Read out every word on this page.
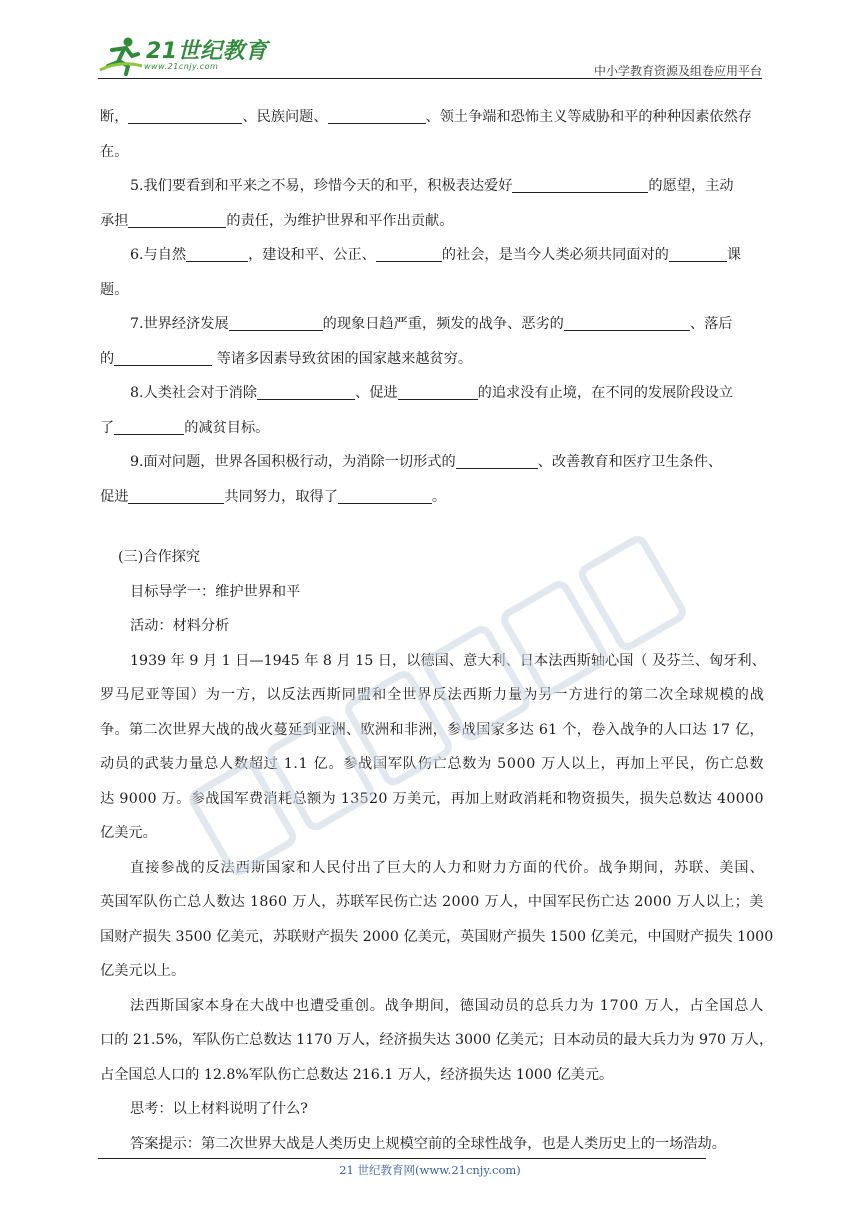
21世纪教育
www.21cnjy.com	中小学教育资源及组卷应用平台
断，	、民族问题、	、领土争端和恐怖主义等威胁和平的种种因素依然存
在。
5.我们要看到和平来之不易，珍惜今天的和平，积极表达爱好	的愿望，主动
承担	的责任，为维护世界和平作出贡献。
6.与自然	，建设和平、公正、	的社会，是当今人类必须共同面对的	课
题。
7.世界经济发展	的现象日趋严重，频发的战争、恶劣的	、落后
的	等诸多因素导致贫困的国家越来越贫穷。
8.人类社会对于消除	、促进	的追求没有止境，在不同的发展阶段设立
了	的减贫目标。
9.面对问题，世界各国积极行动，为消除一切形式的	、改善教育和医疗卫生条件、
促进	共同努力，取得了	。
(三)合作探究
目标导学一：维护世界和平
活动：材料分析
1 9 3 9
年
9
月
1
日 — 1 9 4 5
年
8
月
1 5
日 ， 以 德 国 、 意 大 利 、 日 本 法 西 斯 轴 心 国 （
及 芬 兰 、 匈 牙 利 、
罗 马 尼 亚 等 国 ） 为 一 方 ， 以 反 法 西 斯 同 盟 和 全 世 界 反 法 西 斯 力 量 为 另 一 方 进 行 的 第 二 次 全 球 规 模 的 战
争 。 第 二 次 世 界 大 战 的 战 火 蔓 延 到 亚 洲 、 欧 洲 和 非 洲 ， 参 战 国 家 多 达
6 1
个 ， 卷 入 战 争 的 人 口 达
1 7
亿 ，
动 员 的 武 装 力 量 总 人 数 超 过
1 . 1
亿 。 参 战 国 军 队 伤 亡 总 数 为
5 0 0 0
万 人 以 上 ， 再 加 上 平 民 ， 伤 亡 总 数
达
9 0 0 0
万 。 参 战 国 军 费 消 耗 总 额 为
1 3 5 2 0
万 美 元 ， 再 加 上 财 政 消 耗 和 物 资 损 失 ， 损 失 总 数 达
4 0 0 0 0
亿美元。
直 接 参 战 的 反 法 西 斯 国 家 和 人 民 付 出 了 巨 大 的 人 力 和 财 力 方 面 的 代 价 。 战 争 期 间 ， 苏 联 、 美 国 、
英 国 军 队 伤 亡 总 人 数 达
1 8 6 0
万 人 ， 苏 联 军 民 伤 亡 达
2 0 0 0
万 人 ， 中 国 军 民 伤 亡 达
2 0 0 0
万 人 以 上 ； 美
国 财 产 损 失
3 5 0 0
亿 美 元 ， 苏 联 财 产 损 失
2 0 0 0
亿 美 元 ， 英 国 财 产 损 失
1 5 0 0
亿 美 元 ， 中 国 财 产 损 失
1 0 0 0
亿美元以上。
法 西 斯 国 家 本 身 在 大 战 中 也 遭 受 重 创 。 战 争 期 间 ， 德 国 动 员 的 总 兵 力 为
1 7 0 0
万 人 ， 占 全 国 总 人
口 的
2 1 . 5 % ， 军 队 伤 亡 总 数 达
1 1 7 0
万 人 ， 经 济 损 失 达
3 0 0 0
亿 美 元 ； 日 本 动 员 的 最 大 兵 力 为
9 7 0
万 人 ，
占全国总人口的 12.8%军队伤亡总数达 216.1 万人，经济损失达 1000 亿美元。
思考：以上材料说明了什么?
答案提示：第二次世界大战是人类历史上规模空前的全球性战争，也是人类历史上的一场浩劫。
21 世纪教育网(www.21cnjy.com)
